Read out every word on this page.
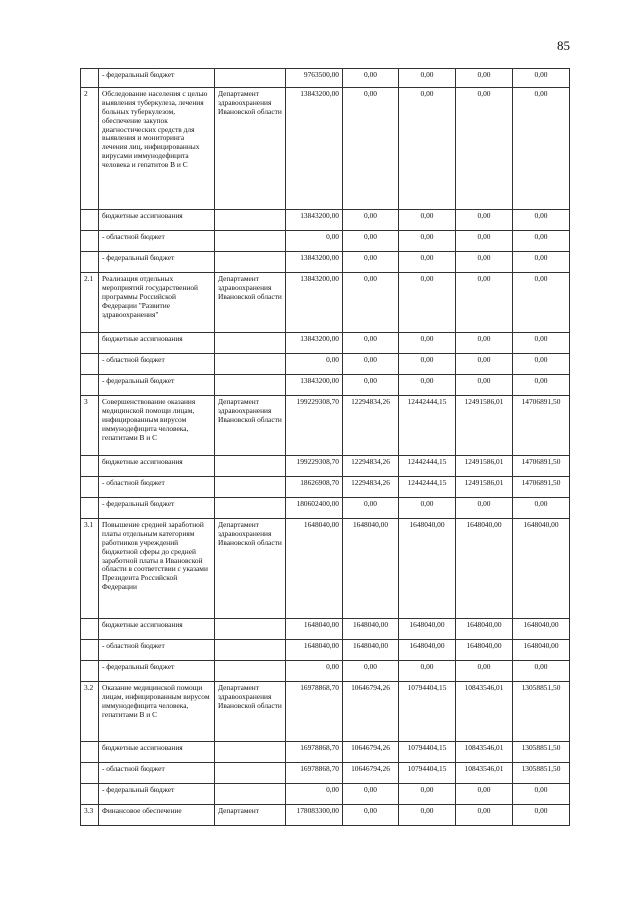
85
	- федеральный бюджет		9763500,00	0,00	0,00	0,00	0,00
2	Обследование населения с целью выявления туберкулеза, лечения больных туберкулезом, обеспечение закупок диагностических средств для выявления и мониторинга лечения лиц, инфицированных вирусами иммунодефицита человека и гепатитов В и С	Департамент здравоохранения Ивановской области	13843200,00	0,00	0,00	0,00	0,00
	бюджетные ассигнования		13843200,00	0,00	0,00	0,00	0,00
	- областной бюджет		0,00	0,00	0,00	0,00	0,00
	- федеральный бюджет		13843200,00	0,00	0,00	0,00	0,00
2.1	Реализация отдельных мероприятий государственной программы Российской Федерации "Развитие здравоохранения"	Департамент здравоохранения Ивановской области	13843200,00	0,00	0,00	0,00	0,00
	бюджетные ассигнования		13843200,00	0,00	0,00	0,00	0,00
	- областной бюджет		0,00	0,00	0,00	0,00	0,00
	- федеральный бюджет		13843200,00	0,00	0,00	0,00	0,00
3	Совершенствование оказания медицинской помощи лицам, инфицированным вирусом иммунодефицита человека, гепатитами В и С	Департамент здравоохранения Ивановской области	199229308,70	12294834,26	12442444,15	12491586,01	14706891,50
	бюджетные ассигнования		199229308,70	12294834,26	12442444,15	12491586,01	14706891,50
	- областной бюджет		18626908,70	12294834,26	12442444,15	12491586,01	14706891,50
	- федеральный бюджет		180602400,00	0,00	0,00	0,00	0,00
3.1	Повышение средней заработной платы отдельным категориям работников учреждений бюджетной сферы до средней заработной платы в Ивановской области в соответствии с указами Президента Российской Федерации	Департамент здравоохранения Ивановской области	1648040,00	1648040,00	1648040,00	1648040,00	1648040,00
	бюджетные ассигнования		1648040,00	1648040,00	1648040,00	1648040,00	1648040,00
	- областной бюджет		1648040,00	1648040,00	1648040,00	1648040,00	1648040,00
	- федеральный бюджет		0,00	0,00	0,00	0,00	0,00
3.2	Оказание медицинской помощи лицам, инфицированным вирусом иммунодефицита человека, гепатитами В и С	Департамент здравоохранения Ивановской области	16978868,70	10646794,26	10794404,15	10843546,01	13058851,50
	бюджетные ассигнования		16978868,70	10646794,26	10794404,15	10843546,01	13058851,50
	- областной бюджет		16978868,70	10646794,26	10794404,15	10843546,01	13058851,50
	- федеральный бюджет		0,00	0,00	0,00	0,00	0,00
3.3	Финансовое обеспечение	Департамент	178083300,00	0,00	0,00	0,00	0,00
